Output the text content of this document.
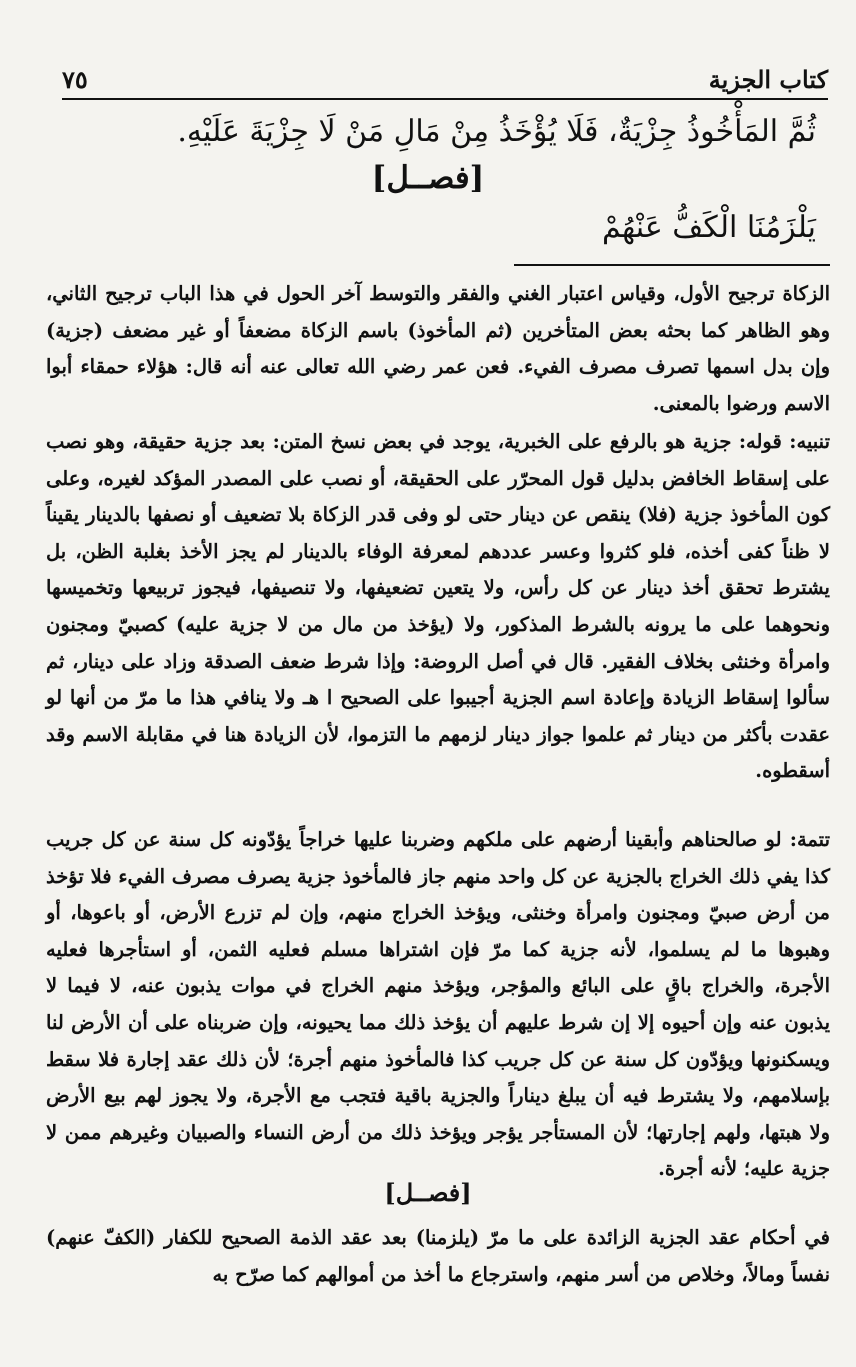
كتاب الجزية
٧٥
ثُمَّ المَأْخُوذُ جِزْيَةٌ، فَلَا يُؤْخَذُ مِنْ مَالِ مَنْ لَا جِزْيَةَ عَلَيْهِ.
[فصــل]
يَلْزَمُنَا الْكَفُّ عَنْهُمْ

الزكاة ترجيح الأول، وقياس اعتبار الغني والفقر والتوسط آخر الحول في هذا الباب ترجيح الثاني، وهو الظاهر كما بحثه بعض المتأخرين (ثم المأخوذ) باسم الزكاة مضعفاً أو غير مضعف (جزية) وإن بدل اسمها تصرف مصرف الفيء. فعن عمر رضي الله تعالى عنه أنه قال: هؤلاء حمقاء أبوا الاسم ورضوا بالمعنى.

تنبيه: قوله: جزية هو بالرفع على الخبرية، يوجد في بعض نسخ المتن: بعد جزية حقيقة، وهو نصب على إسقاط الخافض بدليل قول المحرّر على الحقيقة، أو نصب على المصدر المؤكد لغيره، وعلى كون المأخوذ جزية (فلا) ينقص عن دينار حتى لو وفى قدر الزكاة بلا تضعيف أو نصفها بالدينار يقيناً لا ظناً كفى أخذه، فلو كثروا وعسر عددهم لمعرفة الوفاء بالدينار لم يجز الأخذ بغلبة الظن، بل يشترط تحقق أخذ دينار عن كل رأس، ولا يتعين تضعيفها، ولا تنصيفها، فيجوز تربيعها وتخميسها ونحوهما على ما يرونه بالشرط المذكور، ولا (يؤخذ من مال من لا جزية عليه) كصبيّ ومجنون وامرأة وخنثى بخلاف الفقير. قال في أصل الروضة: وإذا شرط ضعف الصدقة وزاد على دينار، ثم سألوا إسقاط الزيادة وإعادة اسم الجزية أجيبوا على الصحيح ا هـ ولا ينافي هذا ما مرّ من أنها لو عقدت بأكثر من دينار ثم علموا جواز دينار لزمهم ما التزموا، لأن الزيادة هنا في مقابلة الاسم وقد أسقطوه.

تتمة: لو صالحناهم وأبقينا أرضهم على ملكهم وضربنا عليها خراجاً يؤدّونه كل سنة عن كل جريب كذا يفي ذلك الخراج بالجزية عن كل واحد منهم جاز فالمأخوذ جزية يصرف مصرف الفيء فلا تؤخذ من أرض صبيّ ومجنون وامرأة وخنثى، ويؤخذ الخراج منهم، وإن لم تزرع الأرض، أو باعوها، أو وهبوها ما لم يسلموا، لأنه جزية كما مرّ فإن اشتراها مسلم فعليه الثمن، أو استأجرها فعليه الأجرة، والخراج باقٍ على البائع والمؤجر، ويؤخذ منهم الخراج في موات يذبون عنه، لا فيما لا يذبون عنه وإن أحيوه إلا إن شرط عليهم أن يؤخذ ذلك مما يحيونه، وإن ضربناه على أن الأرض لنا ويسكنونها ويؤدّون كل سنة عن كل جريب كذا فالمأخوذ منهم أجرة؛ لأن ذلك عقد إجارة فلا سقط بإسلامهم، ولا يشترط فيه أن يبلغ ديناراً والجزية باقية فتجب مع الأجرة، ولا يجوز لهم بيع الأرض ولا هبتها، ولهم إجارتها؛ لأن المستأجر يؤجر ويؤخذ ذلك من أرض النساء والصبيان وغيرهم ممن لا جزية عليه؛ لأنه أجرة.

[فصــل]

في أحكام عقد الجزية الزائدة على ما مرّ (يلزمنا) بعد عقد الذمة الصحيح للكفار (الكفّ عنهم) نفساً ومالاً، وخلاص من أسر منهم، واسترجاع ما أخذ من أموالهم كما صرّح به
